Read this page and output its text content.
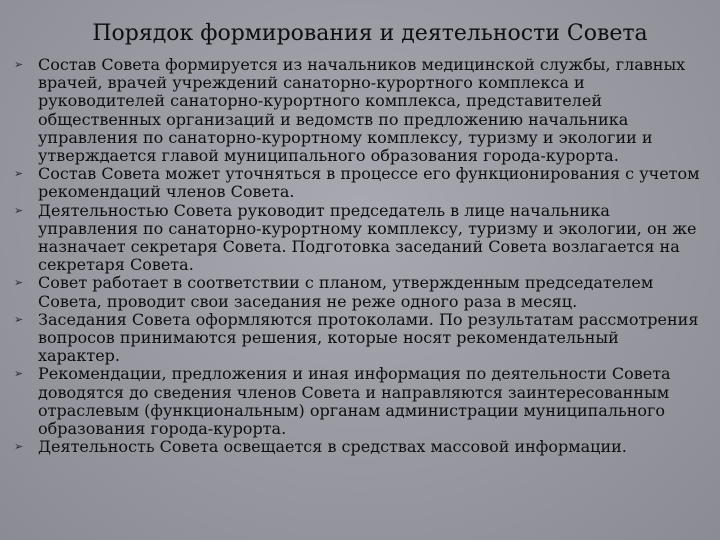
Порядок формирования и деятельности Совета
➢ Состав Совета формируется из начальников медицинской службы, главных врачей, врачей учреждений санаторно-курортного комплекса и руководителей санаторно-курортного комплекса, представителей общественных организаций и ведомств по предложению начальника управления по санаторно-курортному комплексу, туризму и экологии и утверждается главой муниципального образования города-курорта.
➢ Состав Совета может уточняться в процессе его функционирования с учетом рекомендаций членов Совета.
➢ Деятельностью Совета руководит председатель в лице начальника управления по санаторно-курортному комплексу, туризму и экологии, он же назначает секретаря Совета. Подготовка заседаний Совета возлагается на секретаря Совета.
➢ Совет работает в соответствии с планом, утвержденным председателем Совета, проводит свои заседания не реже одного раза в месяц.
➢ Заседания Совета оформляются протоколами. По результатам рассмотрения вопросов принимаются решения, которые носят рекомендательный характер.
➢ Рекомендации, предложения и иная информация по деятельности Совета доводятся до сведения членов Совета и направляются заинтересованным отраслевым (функциональным) органам администрации муниципального образования города-курорта.
➢ Деятельность Совета освещается в средствах массовой информации.
